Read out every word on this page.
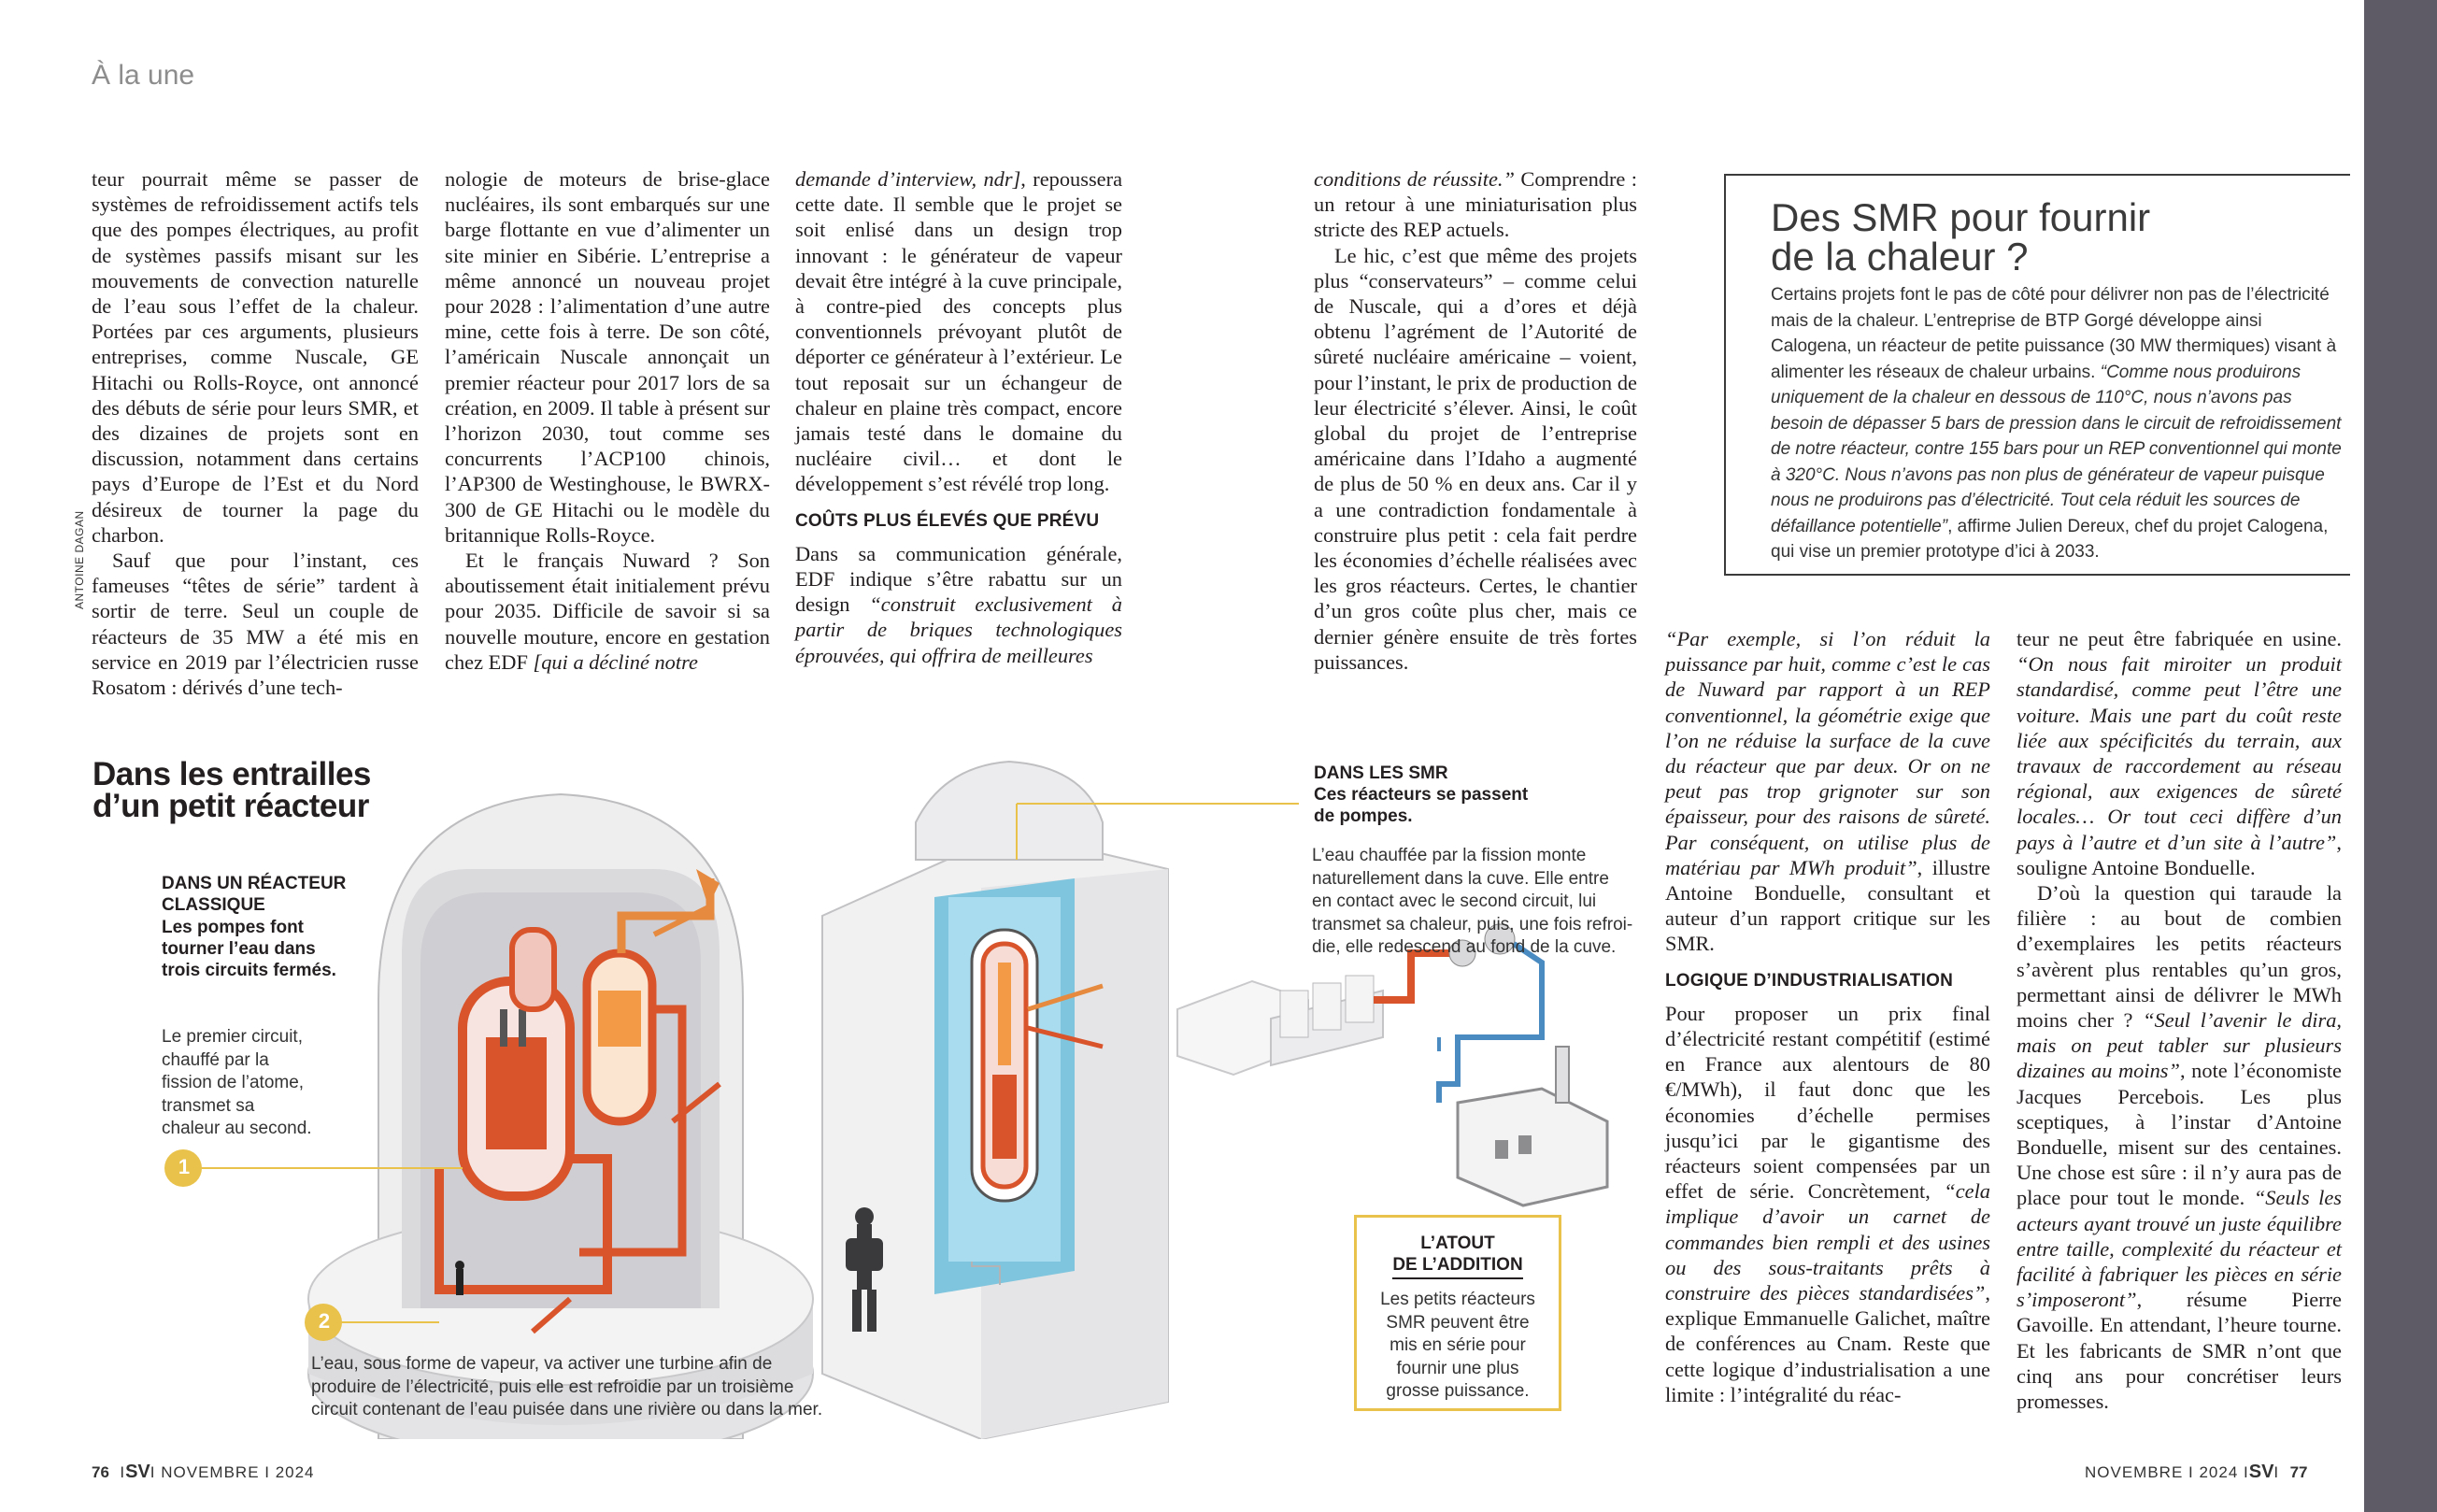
À la une
ANTOINE DAGAN

teur pourrait même se passer de systèmes de refroidissement actifs tels que des pompes électriques, au profit de systèmes passifs misant sur les mouvements de convection naturelle de l’eau sous l’effet de la chaleur. Portées par ces arguments, plusieurs entreprises, comme Nuscale, GE Hitachi ou Rolls-Royce, ont annoncé des débuts de série pour leurs SMR, et des dizaines de projets sont en discussion, notamment dans certains pays d’Europe de l’Est et du Nord désireux de tourner la page du charbon.

Sauf que pour l’instant, ces fameuses “têtes de série” tardent à sortir de terre. Seul un couple de réacteurs de 35 MW a été mis en service en 2019 par l’électricien russe Rosatom : dérivés d’une tech-

nologie de moteurs de brise-glace nucléaires, ils sont embarqués sur une barge flottante en vue d’alimenter un site minier en Sibérie. L’entreprise a même annoncé un nouveau projet pour 2028 : l’alimentation d’une autre mine, cette fois à terre. De son côté, l’américain Nuscale annonçait un premier réacteur pour 2017 lors de sa création, en 2009. Il table à présent sur l’horizon 2030, tout comme ses concurrents l’ACP100 chinois, l’AP300 de Westinghouse, le BWRX-300 de GE Hitachi ou le modèle du britannique Rolls-Royce.

Et le français Nuward ? Son aboutissement était initialement prévu pour 2035. Difficile de savoir si sa nouvelle mouture, encore en gestation chez EDF [qui a décliné notre

demande d’interview, ndr], repoussera cette date. Il semble que le projet se soit enlisé dans un design trop innovant : le générateur de vapeur devait être intégré à la cuve principale, à contre-pied des concepts plus conventionnels prévoyant plutôt de déporter ce générateur à l’extérieur. Le tout reposait sur un échangeur de chaleur en plaine très compact, encore jamais testé dans le domaine du nucléaire civil… et dont le développement s’est révélé trop long.

COÛTS PLUS ÉLEVÉS QUE PRÉVU

Dans sa communication générale, EDF indique s’être rabattu sur un design “construit exclusivement à partir de briques technologiques éprouvées, qui offrira de meilleures

conditions de réussite.” Comprendre : un retour à une miniaturisation plus stricte des REP actuels.

Le hic, c’est que même des projets plus “conservateurs” – comme celui de Nuscale, qui a d’ores et déjà obtenu l’agrément de l’Autorité de sûreté nucléaire américaine – voient, pour l’instant, le prix de production de leur électricité s’élever. Ainsi, le coût global du projet de l’entreprise américaine dans l’Idaho a augmenté de plus de 50 % en deux ans. Car il y a une contradiction fondamentale à construire plus petit : cela fait perdre les économies d’échelle réalisées avec les gros réacteurs. Certes, le chantier d’un gros coûte plus cher, mais ce dernier génère ensuite de très fortes puissances.

Des SMR pour fournir
de la chaleur ?
Certains projets font le pas de côté pour délivrer non pas de l’électricité mais de la chaleur. L’entreprise de BTP Gorgé développe ainsi Calogena, un réacteur de petite puissance (30 MW thermiques) visant à alimenter les réseaux de chaleur urbains. “Comme nous produirons uniquement de la chaleur en dessous de 110°C, nous n’avons pas besoin de dépasser 5 bars de pression dans le circuit de refroidissement de notre réacteur, contre 155 bars pour un REP conventionnel qui monte à 320°C. Nous n’avons pas non plus de générateur de vapeur puisque nous ne produirons pas d’électricité. Tout cela réduit les sources de défaillance potentielle”, affirme Julien Dereux, chef du projet Calogena, qui vise un premier prototype d’ici à 2033.

“Par exemple, si l’on réduit la puissance par huit, comme c’est le cas de Nuward par rapport à un REP conventionnel, la géométrie exige que l’on ne réduise la surface de la cuve du réacteur que par deux. Or on ne peut pas trop grignoter sur son épaisseur, pour des raisons de sûreté. Par conséquent, on utilise plus de matériau par MWh produit”, illustre Antoine Bonduelle, consultant et auteur d’un rapport critique sur les SMR.

LOGIQUE D’INDUSTRIALISATION

Pour proposer un prix final d’électricité restant compétitif (estimé en France aux alentours de 80 €/MWh), il faut donc que les économies d’échelle permises jusqu’ici par le gigantisme des réacteurs soient compensées par un effet de série. Concrètement, “cela implique d’avoir un carnet de commandes bien rempli et des usines ou des sous-traitants prêts à construire des pièces standardisées”, explique Emmanuelle Galichet, maître de conférences au Cnam. Reste que cette logique d’industrialisation a une limite : l’intégralité du réac-

teur ne peut être fabriquée en usine. “On nous fait miroiter un produit standardisé, comme peut l’être une voiture. Mais une part du coût reste liée aux spécificités du terrain, aux travaux de raccordement au réseau régional, aux exigences de sûreté locales… Or tout ceci diffère d’un pays à l’autre et d’un site à l’autre”, souligne Antoine Bonduelle.

D’où la question qui taraude la filière : au bout de combien d’exemplaires les petits réacteurs s’avèrent plus rentables qu’un gros, permettant ainsi de délivrer le MWh moins cher ? “Seul l’avenir le dira, mais on peut tabler sur plusieurs dizaines au moins”, note l’économiste Jacques Percebois. Les plus sceptiques, à l’instar d’Antoine Bonduelle, misent sur des centaines. Une chose est sûre : il n’y aura pas de place pour tout le monde. “Seuls les acteurs ayant trouvé un juste équilibre entre taille, complexité du réacteur et facilité à fabriquer les pièces en série s’imposeront”, résume Pierre Gavoille. En attendant, l’heure tourne. Et les fabricants de SMR n’ont que cinq ans pour concrétiser leurs promesses.

1
2
Dans les entrailles
d’un petit réacteur
DANS UN RÉACTEUR
CLASSIQUE
Les pompes font
tourner l’eau dans
trois circuits fermés.
Le premier circuit,
chauffé par la
fission de l’atome,
transmet sa
chaleur au second.
L’eau, sous forme de vapeur, va activer une turbine afin de
produire de l’électricité, puis elle est refroidie par un troisième
circuit contenant de l’eau puisée dans une rivière ou dans la mer.
DANS LES SMR
Ces réacteurs se passent
de pompes.
L’eau chauffée par la fission monte
naturellement dans la cuve. Elle entre
en contact avec le second circuit, lui
transmet sa chaleur, puis, une fois refroi-
die, elle redescend au fond de la cuve.
L’ATOUT
DE L’ADDITION
Les petits réacteurs
SMR peuvent être
mis en série pour
fournir une plus
grosse puissance.
76  ISVI NOVEMBRE I 2024	NOVEMBRE I 2024 ISVI  77
